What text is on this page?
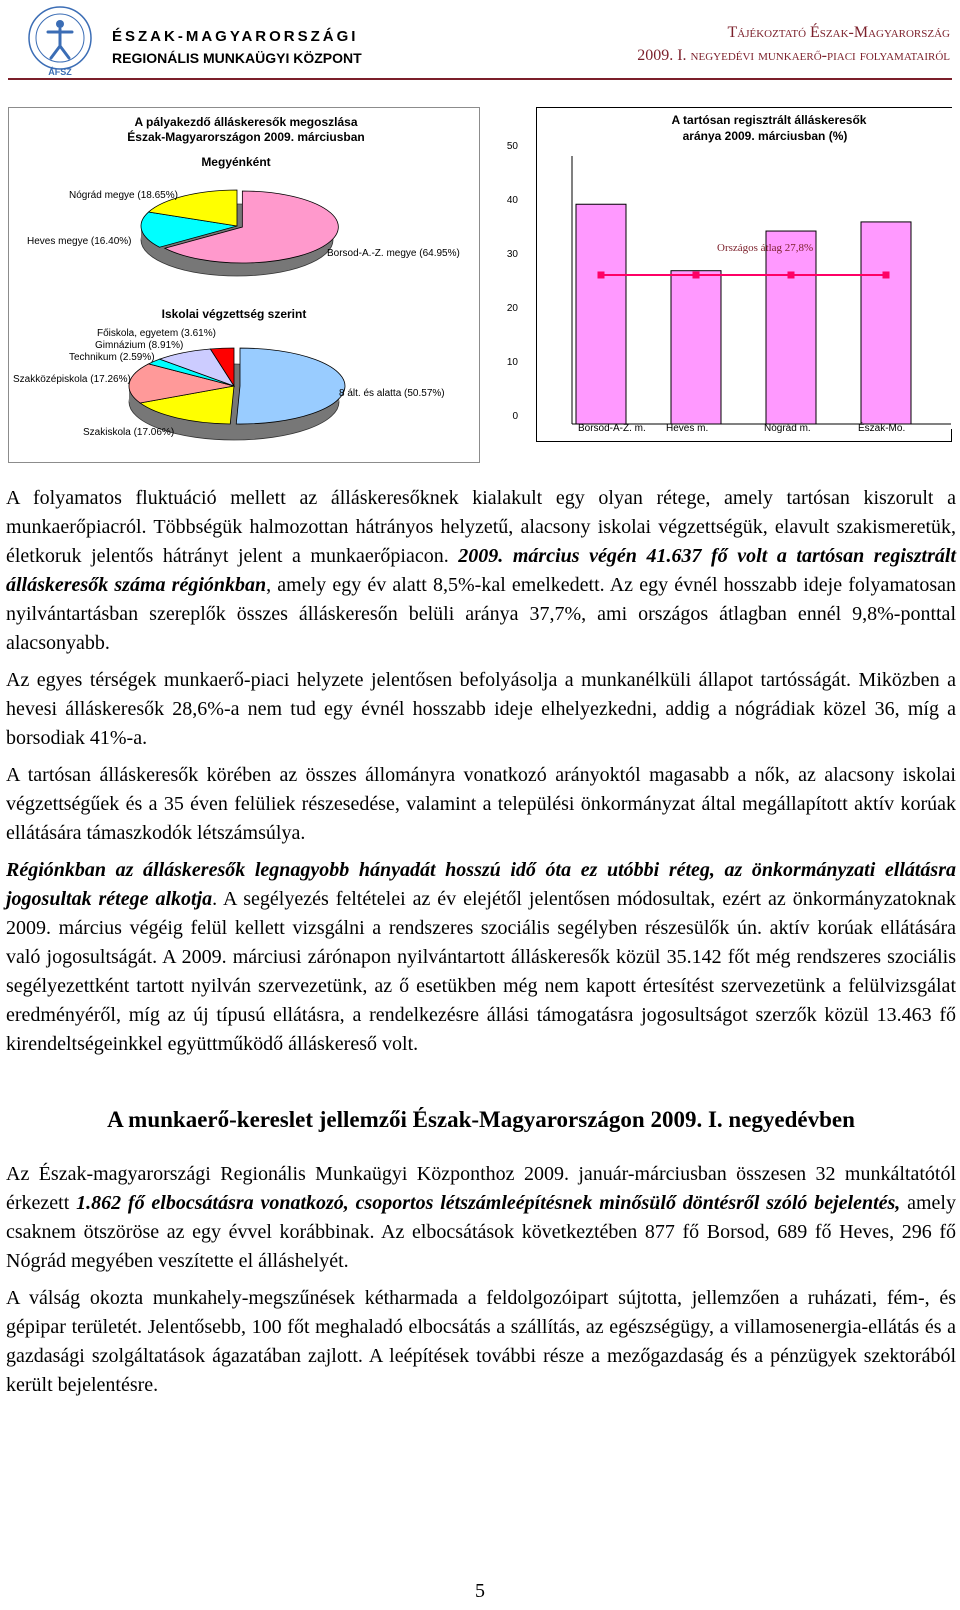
ÁFSZ
ÉSZAK-MAGYARORSZÁGI
REGIONÁLIS MUNKAÜGYI KÖZPONT
Tájékoztató Észak-Magyarország
2009. I. negyedévi munkaerő-piaci folyamatairól
A pályakezdő álláskeresők megoszlása
Észak-Magyarországon 2009. márciusban
Megyénként
Iskolai végzettség szerint
Nógrád megye (18.65%)
Heves megye (16.40%)
Borsod-A.-Z. megye (64.95%)
Főiskola, egyetem (3.61%)
Gimnázium (8.91%)
Technikum (2.59%)
Szakközépiskola (17.26%)
8 ált. és alatta (50.57%)
Szakiskola (17.06%)
A tartósan regisztrált álláskeresők
aránya 2009. márciusban (%)
Országos átlag 27,8%
50
40
30
20
10
0
Borsod-A-Z. m. Heves m.	Nógrád m.	Észak-Mo.

A folyamatos fluktuáció mellett az álláskeresőknek kialakult egy olyan rétege, amely tartósan kiszorult a munkaerőpiacról. Többségük halmozottan hátrányos helyzetű, alacsony iskolai végzettségük, elavult szakismeretük, életkoruk jelentős hátrányt jelent a munkaerőpiacon. 2009. március végén 41.637 fő volt a tartósan regisztrált álláskeresők száma régiónkban, amely egy év alatt 8,5%-kal emelkedett. Az egy évnél hosszabb ideje folyamatosan nyilvántartásban szereplők összes álláskeresőn belüli aránya 37,7%, ami országos átlagban ennél 9,8%-ponttal alacsonyabb.

Az egyes térségek munkaerő-piaci helyzete jelentősen befolyásolja a munkanélküli állapot tartósságát. Miközben a hevesi álláskeresők 28,6%-a nem tud egy évnél hosszabb ideje elhelyezkedni, addig a nógrádiak közel 36, míg a borsodiak 41%-a.

A tartósan álláskeresők körében az összes állományra vonatkozó arányoktól magasabb a nők, az alacsony iskolai végzettségűek és a 35 éven felüliek részesedése, valamint a települési önkormányzat által megállapított aktív korúak ellátására támaszkodók létszámsúlya.

Régiónkban az álláskeresők legnagyobb hányadát hosszú idő óta ez utóbbi réteg, az önkormányzati ellátásra jogosultak rétege alkotja. A segélyezés feltételei az év elejétől jelentősen módosultak, ezért az önkormányzatoknak 2009. március végéig felül kellett vizsgálni a rendszeres szociális segélyben részesülők ún. aktív korúak ellátására való jogosultságát. A 2009. márciusi zárónapon nyilvántartott álláskeresők közül 35.142 főt még rendszeres szociális segélyezettként tartott nyilván szervezetünk, az ő esetükben még nem kapott értesítést szervezetünk a felülvizsgálat eredményéről, míg az új típusú ellátásra, a rendelkezésre állási támogatásra jogosultságot szerzők közül 13.463 fő kirendeltségeinkkel együttműködő álláskereső volt.

A munkaerő-kereslet jellemzői Észak-Magyarországon 2009. I. negyedévben

Az Észak-magyarországi Regionális Munkaügyi Központhoz 2009. január-márciusban összesen 32 munkáltatótól érkezett 1.862 fő elbocsátásra vonatkozó, csoportos létszámleépítésnek minősülő döntésről szóló bejelentés, amely csaknem ötszöröse az egy évvel korábbinak. Az elbocsátások következtében 877 fő Borsod, 689 fő Heves, 296 fő Nógrád megyében veszítette el álláshelyét.

A válság okozta munkahely-megszűnések kétharmada a feldolgozóipart sújtotta, jellemzően a ruházati, fém-, és gépipar területét. Jelentősebb, 100 főt meghaladó elbocsátás a szállítás, az egészségügy, a villamosenergia-ellátás és a gazdasági szolgáltatások ágazatában zajlott. A leépítések további része a mezőgazdaság és a pénzügyek szektorából került bejelentésre.

5
